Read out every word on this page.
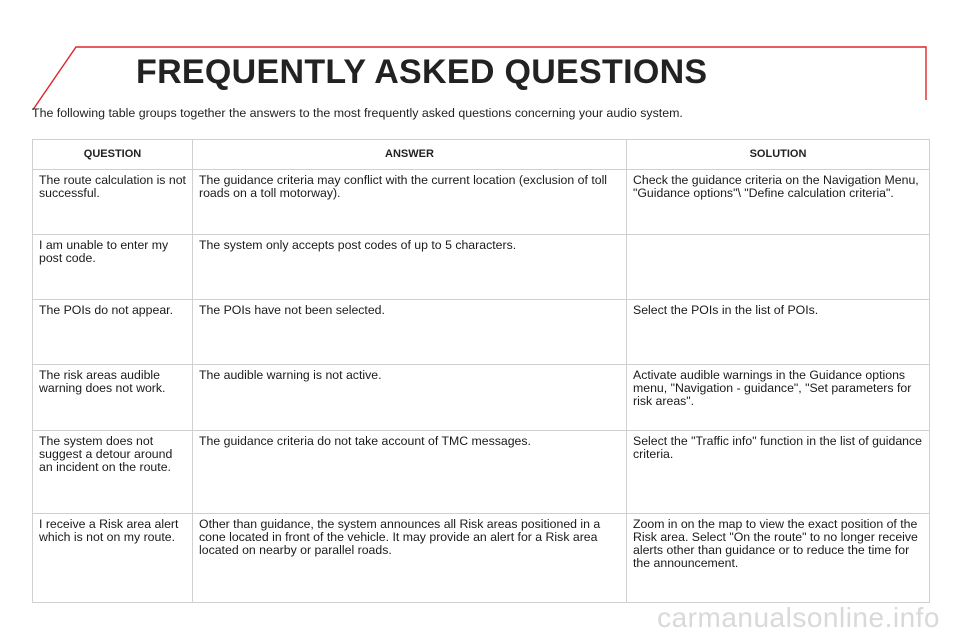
FREQUENTLY ASKED QUESTIONS
The following table groups together the answers to the most frequently asked questions concerning your audio system.
QUESTION	ANSWER	SOLUTION
The route calculation is not successful.	The guidance criteria may conflict with the current location (exclusion of toll roads on a toll motorway).	Check the guidance criteria on the Navigation Menu, "Guidance options"\ "Define calculation criteria".
I am unable to enter my post code.	The system only accepts post codes of up to 5 characters.	
The POIs do not appear.	The POIs have not been selected.	Select the POIs in the list of POIs.
The risk areas audible warning does not work.	The audible warning is not active.	Activate audible warnings in the Guidance options menu, "Navigation - guidance", "Set parameters for risk areas".
The system does not suggest a detour around an incident on the route.	The guidance criteria do not take account of TMC messages.	Select the "Traffic info" function in the list of guidance criteria.
I receive a Risk area alert which is not on my route.	Other than guidance, the system announces all Risk areas positioned in a cone located in front of the vehicle. It may provide an alert for a Risk area located on nearby or parallel roads.	Zoom in on the map to view the exact position of the Risk area. Select "On the route" to no longer receive alerts other than guidance or to reduce the time for the announcement.
carmanualsonline.info
